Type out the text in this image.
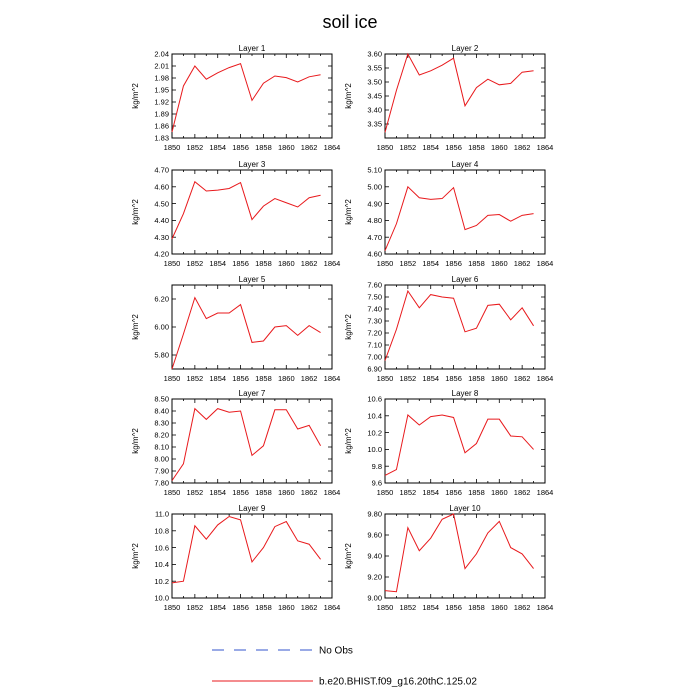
soil ice
Layer 1
kg/m^2
1850 1852 1854 1856 1858 1860 1862 1864
1.83
1.86
1.89
1.92
1.95
1.98
2.01
2.04
Layer 2
kg/m^2
1850 1852 1854 1856 1858 1860 1862 1864
3.35
3.40
3.45
3.50
3.55
3.60
Layer 3
kg/m^2
1850 1852 1854 1856 1858 1860 1862 1864
4.20
4.30
4.40
4.50
4.60
4.70
Layer 4
kg/m^2
1850 1852 1854 1856 1858 1860 1862 1864
4.60
4.70
4.80
4.90
5.00
5.10
Layer 5
kg/m^2
1850 1852 1854 1856 1858 1860 1862 1864
5.80
6.00
6.20
Layer 6
kg/m^2
1850 1852 1854 1856 1858 1860 1862 1864
6.90
7.00
7.10
7.20
7.30
7.40
7.50
7.60
Layer 7
kg/m^2
1850 1852 1854 1856 1858 1860 1862 1864
7.80
7.90
8.00
8.10
8.20
8.30
8.40
8.50
Layer 8
kg/m^2
1850 1852 1854 1856 1858 1860 1862 1864
9.6
9.8
10.0
10.2
10.4
10.6
Layer 9
kg/m^2
1850 1852 1854 1856 1858 1860 1862 1864
10.0
10.2
10.4
10.6
10.8
11.0
Layer 10
kg/m^2
1850 1852 1854 1856 1858 1860 1862 1864
9.00
9.20
9.40
9.60
9.80
No Obs
b.e20.BHIST.f09_g16.20thC.125.02
